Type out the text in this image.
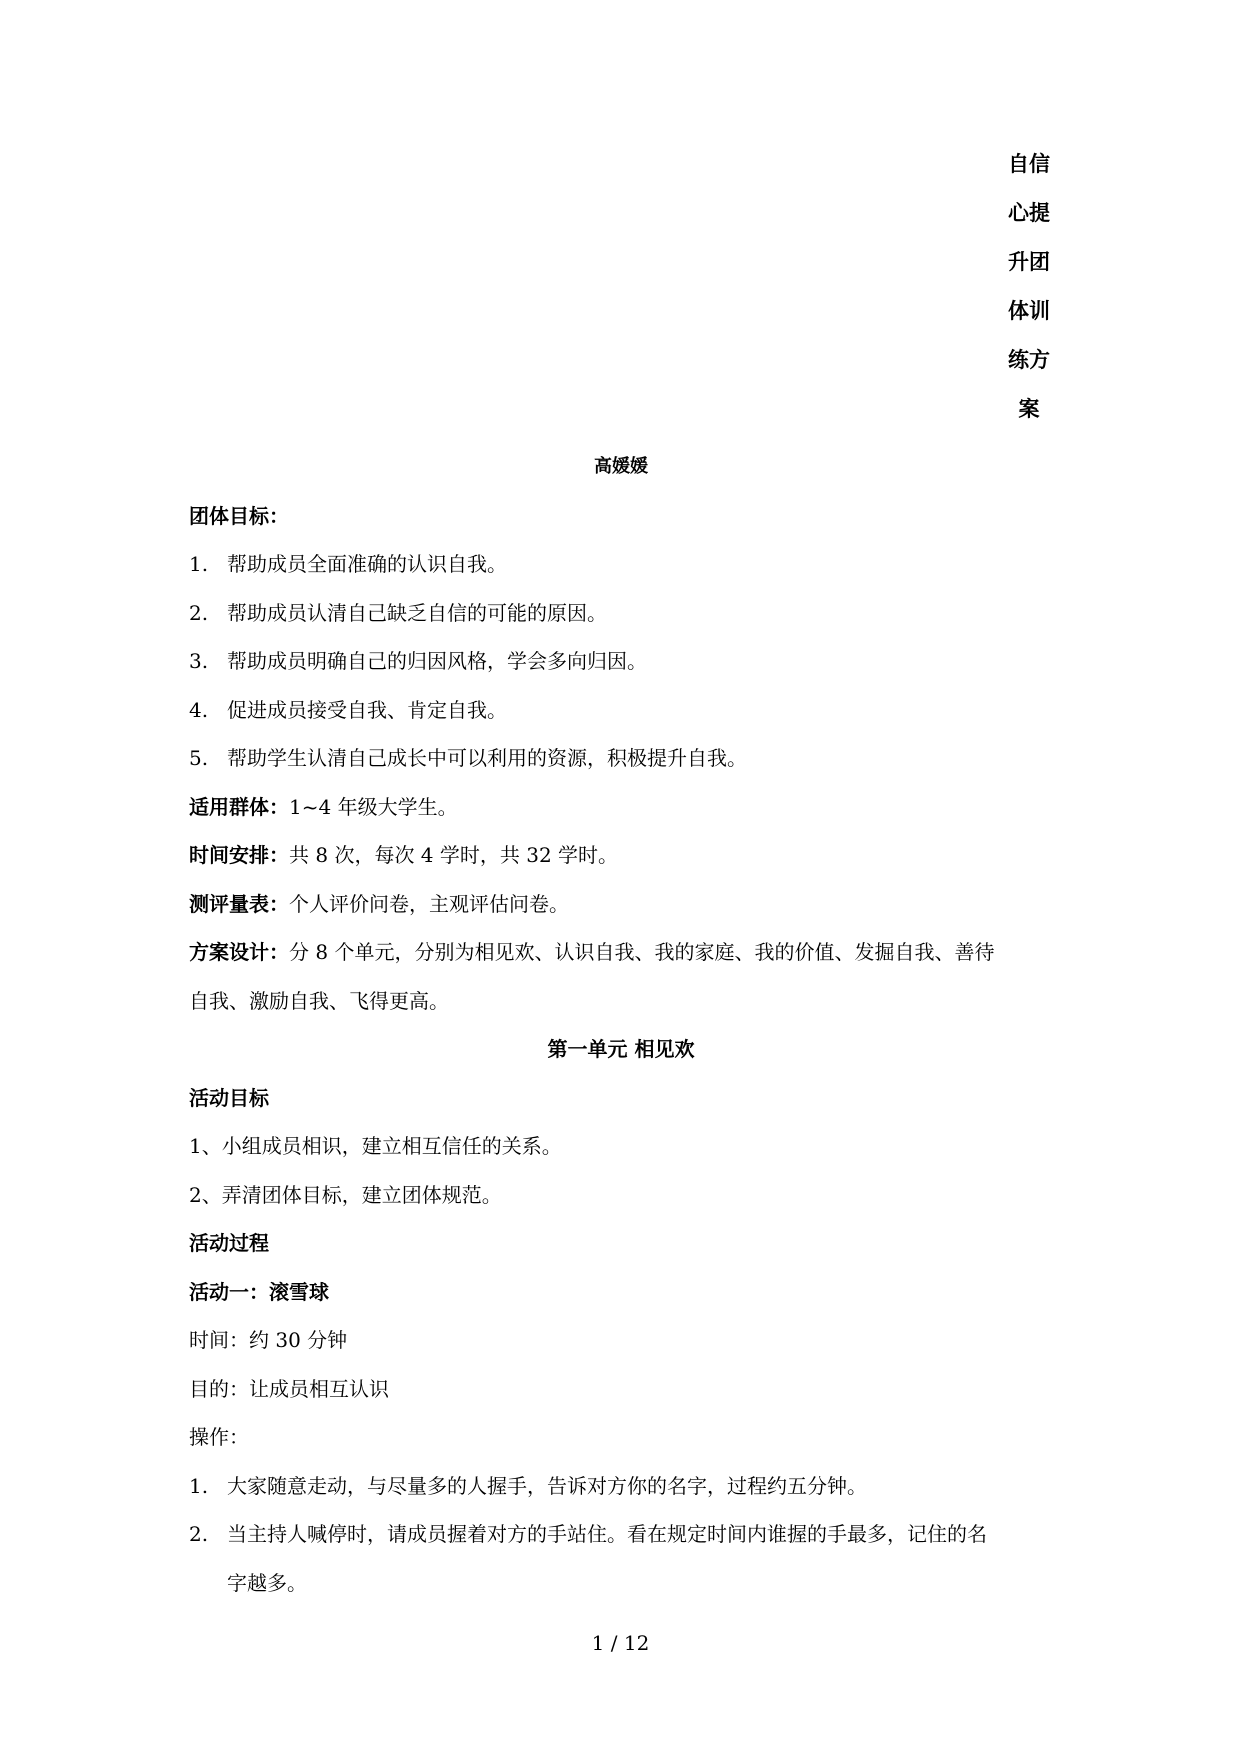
自信
心提
升团
体训
练方
案
高媛媛
团体目标：
1. 帮助成员全面准确的认识自我。
2. 帮助成员认清自己缺乏自信的可能的原因。
3. 帮助成员明确自己的归因风格，学会多向归因。
4. 促进成员接受自我、肯定自我。
5. 帮助学生认清自己成长中可以利用的资源，积极提升自我。
适用群体：1~4 年级大学生。
时间安排：共 8 次，每次 4 学时，共 32 学时。
测评量表：个人评价问卷，主观评估问卷。
方案设计：分 8 个单元，分别为相见欢、认识自我、我的家庭、我的价值、发掘自我、善待
自我、激励自我、飞得更高。
第一单元 相见欢
活动目标
1、小组成员相识，建立相互信任的关系。
2、弄清团体目标，建立团体规范。
活动过程
活动一：滚雪球
时间：约 30 分钟
目的：让成员相互认识
操作：
1. 大家随意走动，与尽量多的人握手，告诉对方你的名字，过程约五分钟。
2. 当主持人喊停时，请成员握着对方的手站住。看在规定时间内谁握的手最多，记住的名
字越多。
1 / 12
